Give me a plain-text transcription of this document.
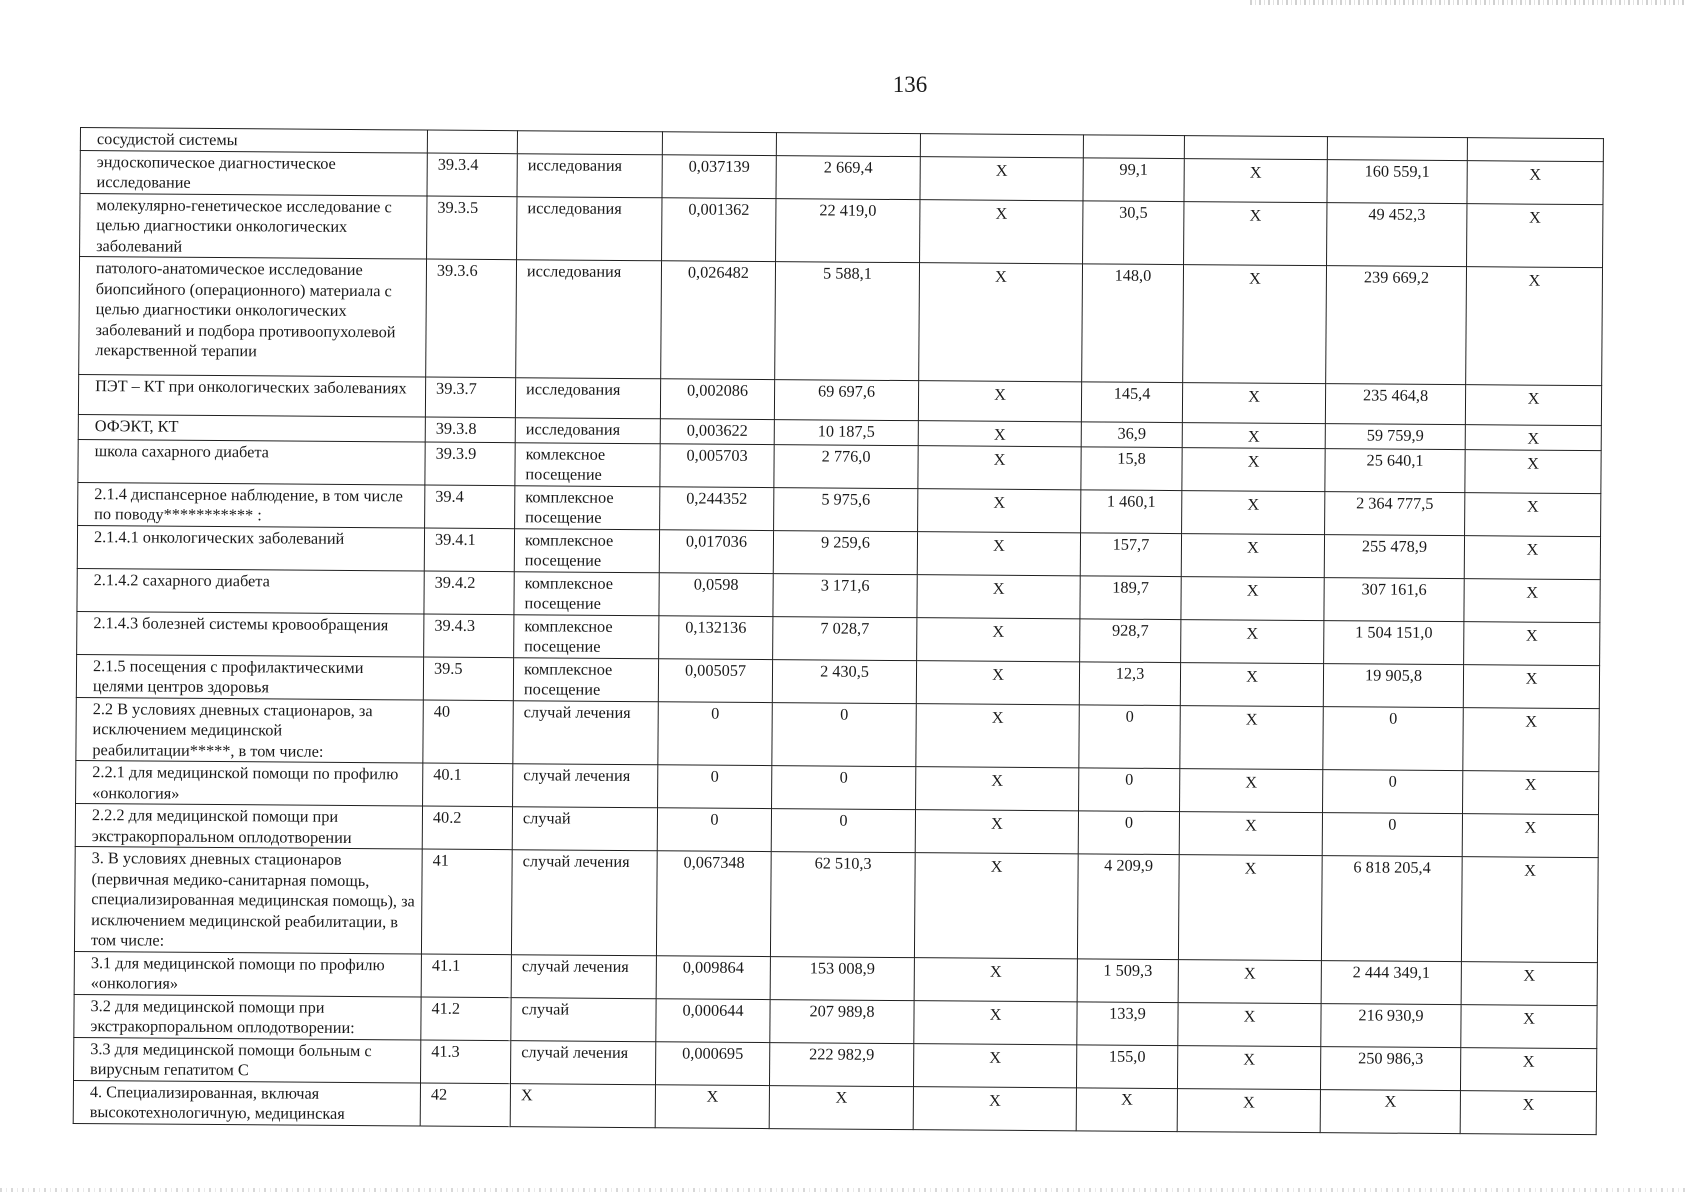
136
сосудистой системы									
эндоскопическое диагностическое исследование	39.3.4	исследования	0,037139	2 669,4	Х	99,1	Х	160 559,1	Х
молекулярно-генетическое исследование с целью диагностики онкологических заболеваний	39.3.5	исследования	0,001362	22 419,0	Х	30,5	Х	49 452,3	Х
патолого-анатомическое исследование биопсийного (операционного) материала с целью диагностики онкологических заболеваний и подбора противоопухолевой лекарственной терапии	39.3.6	исследования	0,026482	5 588,1	Х	148,0	Х	239 669,2	Х
ПЭТ – КТ при онкологических заболеваниях	39.3.7	исследования	0,002086	69 697,6	Х	145,4	Х	235 464,8	Х
ОФЭКТ, КТ	39.3.8	исследования	0,003622	10 187,5	Х	36,9	Х	59 759,9	Х
школа сахарного диабета	39.3.9	комлексное посещение	0,005703	2 776,0	Х	15,8	Х	25 640,1	Х
2.1.4 диспансерное наблюдение, в том числе по поводу*********** :	39.4	комплексное посещение	0,244352	5 975,6	Х	1 460,1	Х	2 364 777,5	Х
2.1.4.1 онкологических заболеваний	39.4.1	комплексное посещение	0,017036	9 259,6	Х	157,7	Х	255 478,9	Х
2.1.4.2 сахарного диабета	39.4.2	комплексное посещение	0,0598	3 171,6	Х	189,7	Х	307 161,6	Х
2.1.4.3 болезней системы кровообращения	39.4.3	комплексное посещение	0,132136	7 028,7	Х	928,7	Х	1 504 151,0	Х
2.1.5 посещения с профилактическими целями центров здоровья	39.5	комплексное посещение	0,005057	2 430,5	Х	12,3	Х	19 905,8	Х
2.2 В условиях дневных стационаров, за исключением медицинской реабилитации*****, в том числе:	40	случай лечения	0	0	Х	0	Х	0	Х
2.2.1 для медицинской помощи по профилю «онкология»	40.1	случай лечения	0	0	Х	0	Х	0	Х
2.2.2 для медицинской помощи при экстракорпоральном оплодотворении	40.2	случай	0	0	Х	0	Х	0	Х
3. В условиях дневных стационаров (первичная медико-санитарная помощь, специализированная медицинская помощь), за исключением медицинской реабилитации, в том числе:	41	случай лечения	0,067348	62 510,3	Х	4 209,9	Х	6 818 205,4	Х
3.1 для медицинской помощи по профилю «онкология»	41.1	случай лечения	0,009864	153 008,9	Х	1 509,3	Х	2 444 349,1	Х
3.2 для медицинской помощи при экстракорпоральном оплодотворении:	41.2	случай	0,000644	207 989,8	Х	133,9	Х	216 930,9	Х
3.3 для медицинской помощи больным с вирусным гепатитом С	41.3	случай лечения	0,000695	222 982,9	Х	155,0	Х	250 986,3	Х
4. Специализированная, включая высокотехнологичную, медицинская	42	Х	Х	Х	Х	Х	Х	Х	Х
